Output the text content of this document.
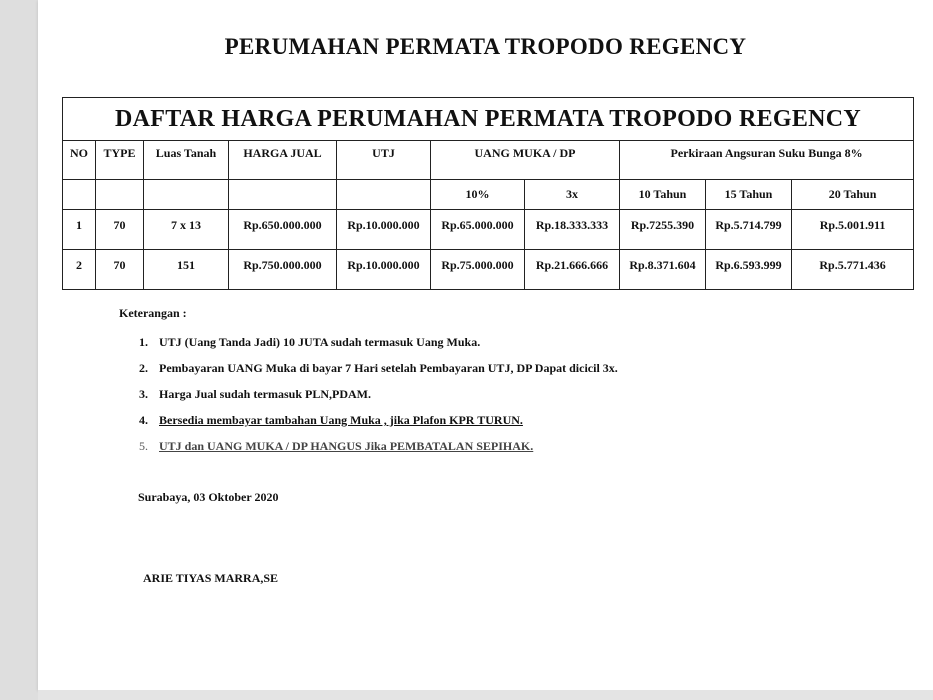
PERUMAHAN PERMATA TROPODO REGENCY
DAFTAR HARGA PERUMAHAN PERMATA TROPODO REGENCY									
NO	TYPE	Luas Tanah	HARGA JUAL	UTJ	UANG MUKA / DP		Perkiraan Angsuran Suku Bunga 8%		
					10%	3x	10 Tahun	15 Tahun	20 Tahun
1	70	7 x 13	Rp.650.000.000	Rp.10.000.000	Rp.65.000.000	Rp.18.333.333	Rp.7255.390	Rp.5.714.799	Rp.5.001.911
2	70	151	Rp.750.000.000	Rp.10.000.000	Rp.75.000.000	Rp.21.666.666	Rp.8.371.604	Rp.6.593.999	Rp.5.771.436
Keterangan :
1. UTJ (Uang Tanda Jadi) 10 JUTA sudah termasuk Uang Muka.
2. Pembayaran UANG Muka di bayar 7 Hari setelah Pembayaran UTJ, DP Dapat dicicil 3x.
3. Harga Jual sudah termasuk PLN,PDAM.
4. Bersedia membayar tambahan Uang Muka , jika Plafon KPR TURUN.
5. UTJ dan UANG MUKA / DP HANGUS Jika PEMBATALAN SEPIHAK.
Surabaya, 03 Oktober 2020
ARIE TIYAS MARRA,SE
